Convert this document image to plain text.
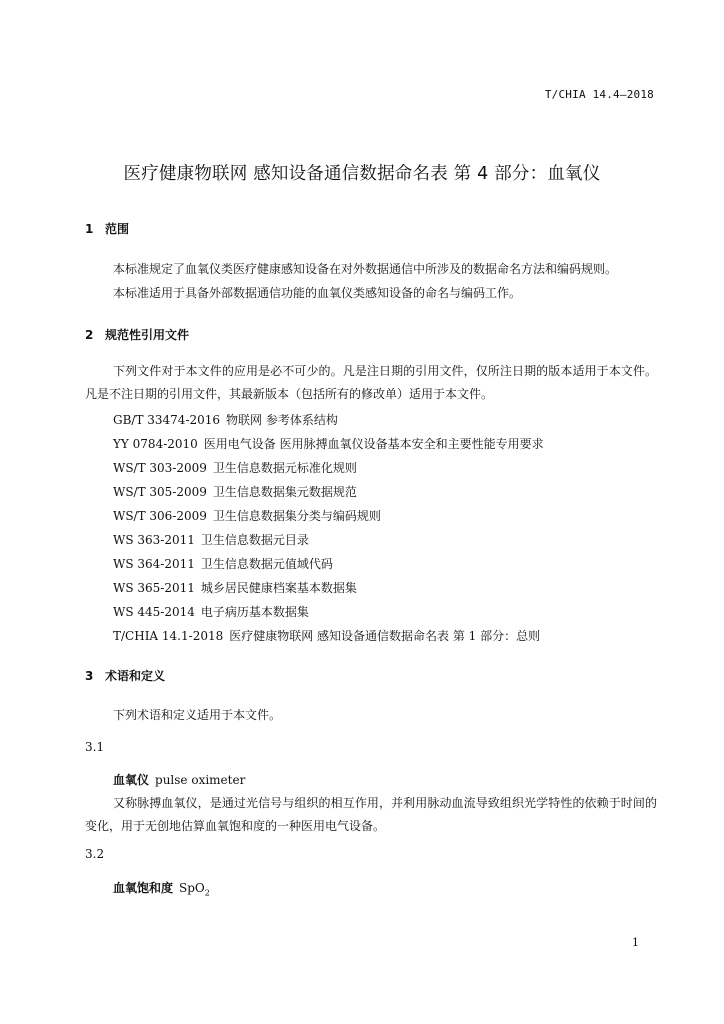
T/CHIA 14.4—2018
医疗健康物联网 感知设备通信数据命名表 第 4 部分：血氧仪
1 范围
本标准规定了血氧仪类医疗健康感知设备在对外数据通信中所涉及的数据命名方法和编码规则。
本标准适用于具备外部数据通信功能的血氧仪类感知设备的命名与编码工作。
2 规范性引用文件
下列文件对于本文件的应用是必不可少的。凡是注日期的引用文件，仅所注日期的版本适用于本文件。凡是不注日期的引用文件，其最新版本（包括所有的修改单）适用于本文件。
GB/T 33474-2016 物联网 参考体系结构
YY 0784-2010 医用电气设备 医用脉搏血氧仪设备基本安全和主要性能专用要求
WS/T 303-2009 卫生信息数据元标准化规则
WS/T 305-2009 卫生信息数据集元数据规范
WS/T 306-2009 卫生信息数据集分类与编码规则
WS 363-2011 卫生信息数据元目录
WS 364-2011 卫生信息数据元值域代码
WS 365-2011 城乡居民健康档案基本数据集
WS 445-2014 电子病历基本数据集
T/CHIA 14.1-2018 医疗健康物联网 感知设备通信数据命名表 第 1 部分：总则
3 术语和定义
下列术语和定义适用于本文件。
3.1
血氧仪 pulse oximeter
又称脉搏血氧仪，是通过光信号与组织的相互作用，并利用脉动血流导致组织光学特性的依赖于时间的变化，用于无创地估算血氧饱和度的一种医用电气设备。
3.2
血氧饱和度 SpO$_2$
1
